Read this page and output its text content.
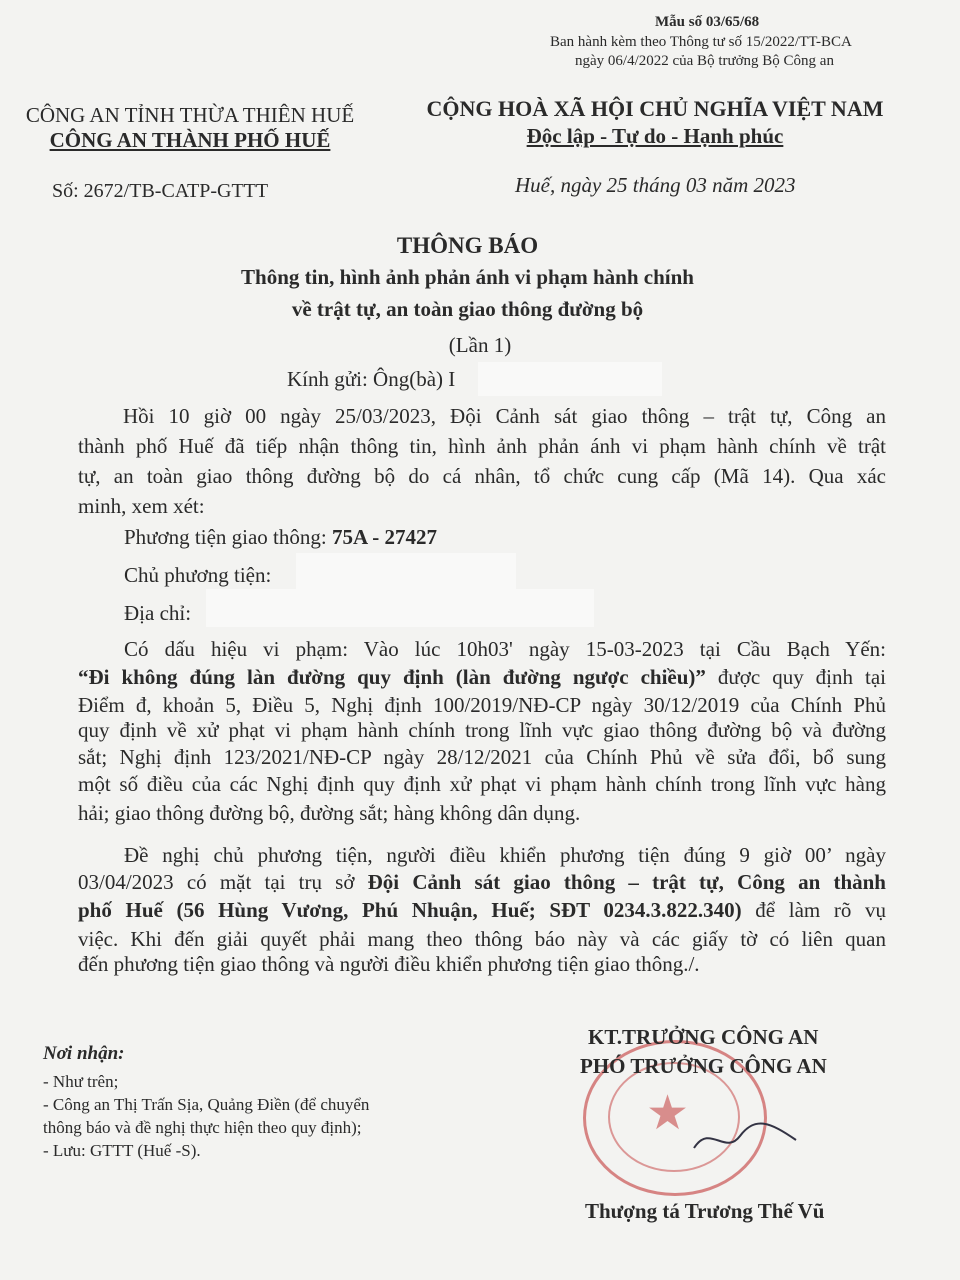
Mẫu số 03/65/68
Ban hành kèm theo Thông tư số 15/2022/TT-BCA
ngày 06/4/2022 của Bộ trưởng Bộ Công an
CÔNG AN TỈNH THỪA THIÊN HUẾ
CÔNG AN THÀNH PHỐ HUẾ
CỘNG HOÀ XÃ HỘI CHỦ NGHĨA VIỆT NAM
Độc lập - Tự do - Hạnh phúc
Số: 2672/TB-CATP-GTTT	Huế, ngày 25 tháng 03 năm 2023
THÔNG BÁO
Thông tin, hình ảnh phản ánh vi phạm hành chính
về trật tự, an toàn giao thông đường bộ
(Lần 1)
Kính gửi: Ông(bà) I
Hồi 10 giờ 00 ngày 25/03/2023, Đội Cảnh sát giao thông – trật tự, Công an
thành phố Huế đã tiếp nhận thông tin, hình ảnh phản ánh vi phạm hành chính về trật
tự, an toàn giao thông đường bộ do cá nhân, tổ chức cung cấp (Mã 14). Qua xác
minh, xem xét:
Phương tiện giao thông: 75A - 27427
Chủ phương tiện:
Địa chỉ:
Có dấu hiệu vi phạm: Vào lúc 10h03' ngày 15-03-2023 tại Cầu Bạch Yến:
“Đi không đúng làn đường quy định (làn đường ngược chiều)” được quy định tại
Điểm đ, khoản 5, Điều 5, Nghị định 100/2019/NĐ-CP ngày 30/12/2019 của Chính Phủ
quy định về xử phạt vi phạm hành chính trong lĩnh vực giao thông đường bộ và đường
sắt; Nghị định 123/2021/NĐ-CP ngày 28/12/2021 của Chính Phủ về sửa đổi, bổ sung
một số điều của các Nghị định quy định xử phạt vi phạm hành chính trong lĩnh vực hàng
hải; giao thông đường bộ, đường sắt; hàng không dân dụng.
Đề nghị chủ phương tiện, người điều khiển phương tiện đúng 9 giờ 00’ ngày
03/04/2023 có mặt tại trụ sở Đội Cảnh sát giao thông – trật tự, Công an thành
phố Huế (56 Hùng Vương, Phú Nhuận, Huế; SĐT 0234.3.822.340) để làm rõ vụ
việc. Khi đến giải quyết phải mang theo thông báo này và các giấy tờ có liên quan
đến phương tiện giao thông và người điều khiển phương tiện giao thông./.
Nơi nhận:
- Như trên;
- Công an Thị Trấn Sịa, Quảng Điền (để chuyển
thông báo và đề nghị thực hiện theo quy định);
- Lưu: GTTT (Huế -S).
★
KT.TRƯỞNG CÔNG AN
PHÓ TRƯỞNG CÔNG AN
Thượng tá Trương Thế Vũ
